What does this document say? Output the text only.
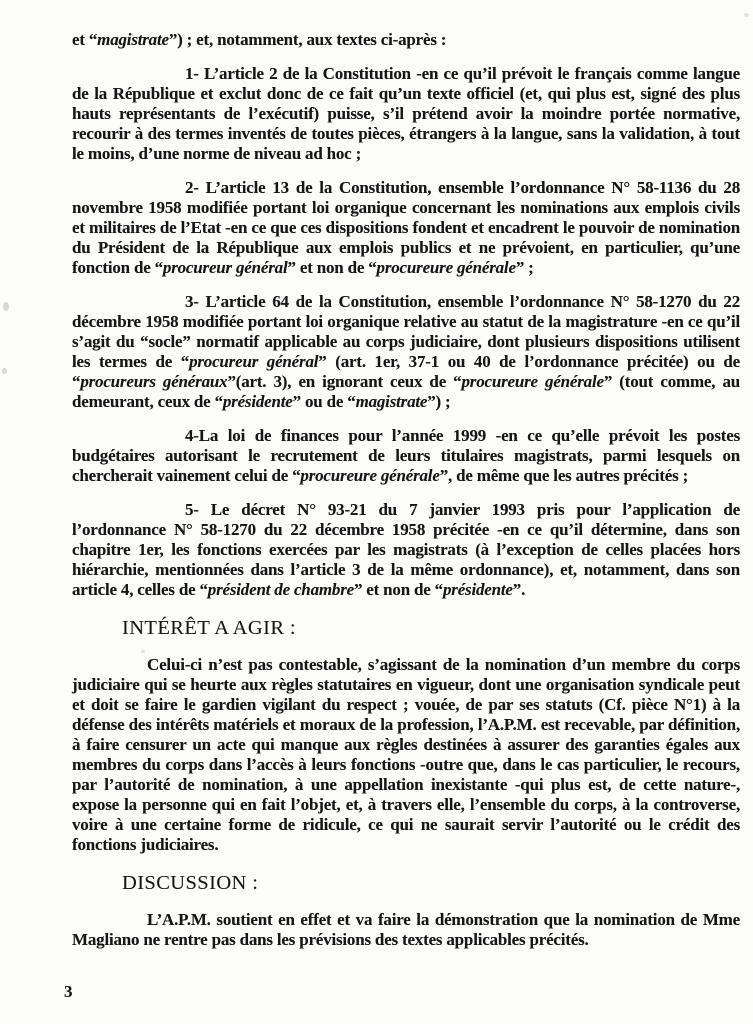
et “magistrate”) ; et, notamment, aux textes ci-après :
1- L’article 2 de la Constitution -en ce qu’il prévoit le français comme langue de la République et exclut donc de ce fait qu’un texte officiel (et, qui plus est, signé des plus hauts représentants de l’exécutif) puisse, s’il prétend avoir la moindre portée normative, recourir à des termes inventés de toutes pièces, étrangers à la langue, sans la validation, à tout le moins, d’une norme de niveau ad hoc ;
2- L’article 13 de la Constitution, ensemble l’ordonnance N° 58-1136 du 28 novembre 1958 modifiée portant loi organique concernant les nominations aux emplois civils et militaires de l’Etat -en ce que ces dispositions fondent et encadrent le pouvoir de nomination du Président de la République aux emplois publics et ne prévoient, en particulier, qu’une fonction de “procureur général” et non de “procureure générale” ;
3- L’article 64 de la Constitution, ensemble l’ordonnance N° 58-1270 du 22 décembre 1958 modifiée portant loi organique relative au statut de la magistrature -en ce qu’il s’agit du “socle” normatif applicable au corps judiciaire, dont plusieurs dispositions utilisent les termes de “procureur général” (art. 1er, 37-1 ou 40 de l’ordonnance précitée) ou de “procureurs généraux”(art. 3), en ignorant ceux de “procureure générale” (tout comme, au demeurant, ceux de “présidente” ou de “magistrate”) ;
4-La loi de finances pour l’année 1999 -en ce qu’elle prévoit les postes budgétaires autorisant le recrutement de leurs titulaires magistrats, parmi lesquels on chercherait vainement celui de “procureure générale”, de même que les autres précités ;
5- Le décret N° 93-21 du 7 janvier 1993 pris pour l’application de l’ordonnance N° 58-1270 du 22 décembre 1958 précitée -en ce qu’il détermine, dans son chapitre 1er, les fonctions exercées par les magistrats (à l’exception de celles placées hors hiérarchie, mentionnées dans l’article 3 de la même ordonnance), et, notamment, dans son article 4, celles de “président de chambre” et non de “présidente”.
INTÉRÊT A AGIR :
Celui-ci n’est pas contestable, s’agissant de la nomination d’un membre du corps judiciaire qui se heurte aux règles statutaires en vigueur, dont une organisation syndicale peut et doit se faire le gardien vigilant du respect ; vouée, de par ses statuts (Cf. pièce N°1) à la défense des intérêts matériels et moraux de la profession, l’A.P.M. est recevable, par définition, à faire censurer un acte qui manque aux règles destinées à assurer des garanties égales aux membres du corps dans l’accès à leurs fonctions -outre que, dans le cas particulier, le recours, par l’autorité de nomination, à une appellation inexistante -qui plus est, de cette nature-, expose la personne qui en fait l’objet, et, à travers elle, l’ensemble du corps, à la controverse, voire à une certaine forme de ridicule, ce qui ne saurait servir l’autorité ou le crédit des fonctions judiciaires.
DISCUSSION :
L’A.P.M. soutient en effet et va faire la démonstration que la nomination de Mme Magliano ne rentre pas dans les prévisions des textes applicables précités.
3
